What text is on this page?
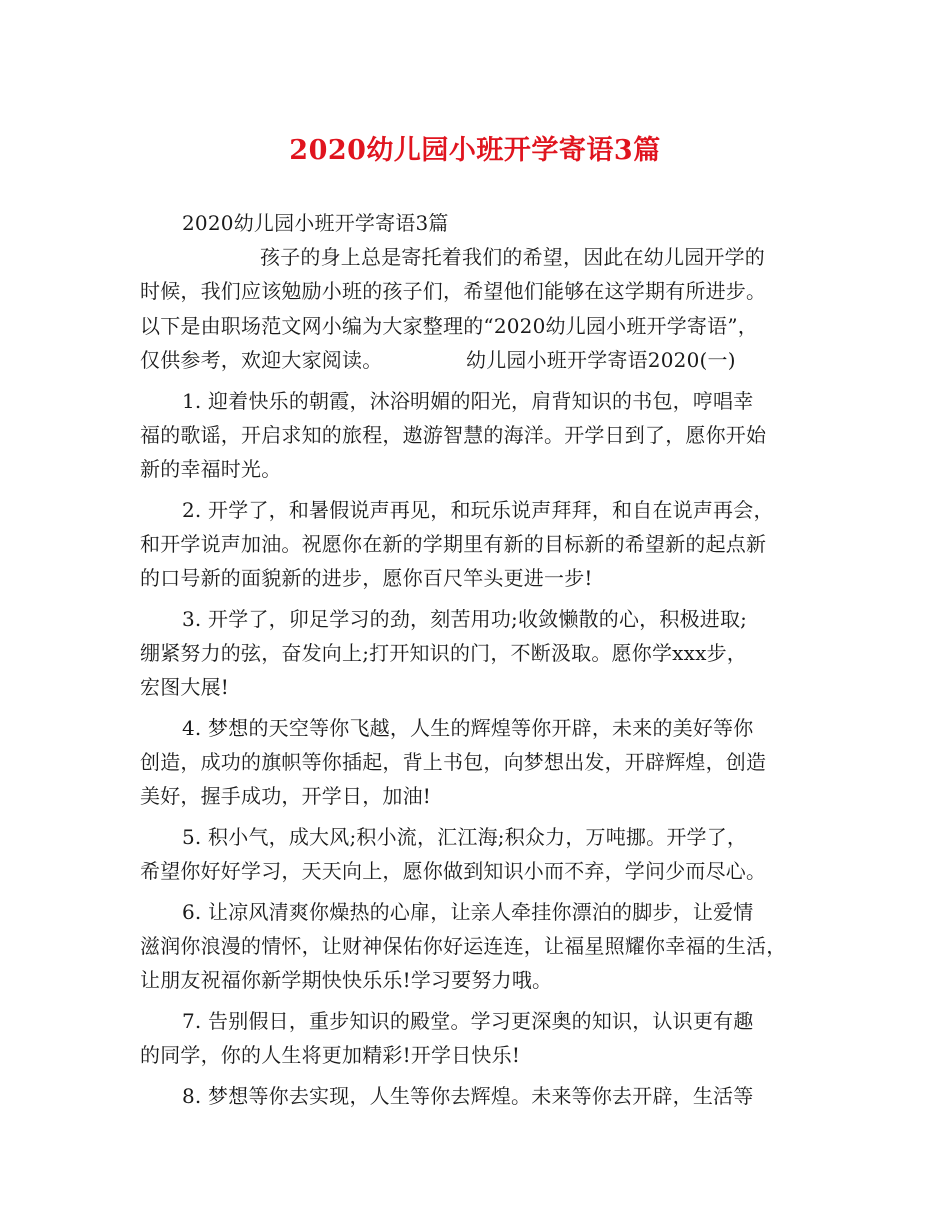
2020幼儿园小班开学寄语3篇
2020幼儿园小班开学寄语3篇
孩子的身上总是寄托着我们的希望，因此在幼儿园开学的
时候，我们应该勉励小班的孩子们，希望他们能够在这学期有所进步。
以下是由职场范文网小编为大家整理的“2020幼儿园小班开学寄语”，
仅供参考，欢迎大家阅读。	幼儿园小班开学寄语2020(一)
1. 迎着快乐的朝霞，沐浴明媚的阳光，肩背知识的书包，哼唱幸
福的歌谣，开启求知的旅程，遨游智慧的海洋。开学日到了，愿你开始
新的幸福时光。
2. 开学了，和暑假说声再见，和玩乐说声拜拜，和自在说声再会，
和开学说声加油。祝愿你在新的学期里有新的目标新的希望新的起点新
的口号新的面貌新的进步，愿你百尺竿头更进一步!
3. 开学了，卯足学习的劲，刻苦用功;收敛懒散的心，积极进取;
绷紧努力的弦，奋发向上;打开知识的门，不断汲取。愿你学xxx步，
宏图大展!
4. 梦想的天空等你飞越，人生的辉煌等你开辟，未来的美好等你
创造，成功的旗帜等你插起，背上书包，向梦想出发，开辟辉煌，创造
美好，握手成功，开学日，加油!
5. 积小气，成大风;积小流，汇江海;积众力，万吨挪。开学了，
希望你好好学习，天天向上，愿你做到知识小而不弃，学问少而尽心。
6. 让凉风清爽你燥热的心扉，让亲人牵挂你漂泊的脚步，让爱情
滋润你浪漫的情怀，让财神保佑你好运连连，让福星照耀你幸福的生活，
让朋友祝福你新学期快快乐乐!学习要努力哦。
7. 告别假日，重步知识的殿堂。学习更深奥的知识，认识更有趣
的同学，你的人生将更加精彩!开学日快乐!
8. 梦想等你去实现，人生等你去辉煌。未来等你去开辟，生活等
